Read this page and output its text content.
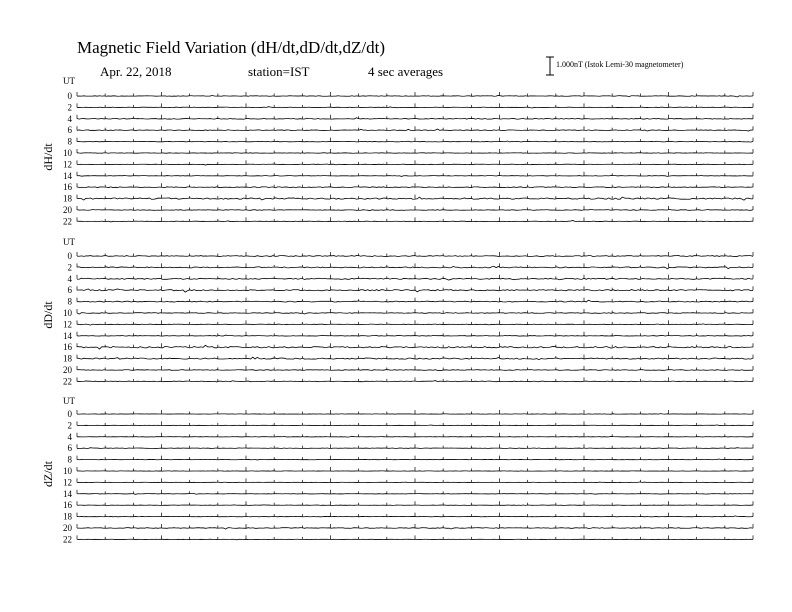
Magnetic Field Variation (dH/dt,dD/dt,dZ/dt)
Apr. 22, 2018	station=IST	4 sec averages	1.000nT (Istok Lemi-30 magnetometer)
UT
dH/dt
0
2
4
6
8
10
12
14
16
18
20
22
UT
dD/dt
0
2
4
6
8
10
12
14
16
18
20
22
UT
dZ/dt
0
2
4
6
8
10
12
14
16
18
20
22
